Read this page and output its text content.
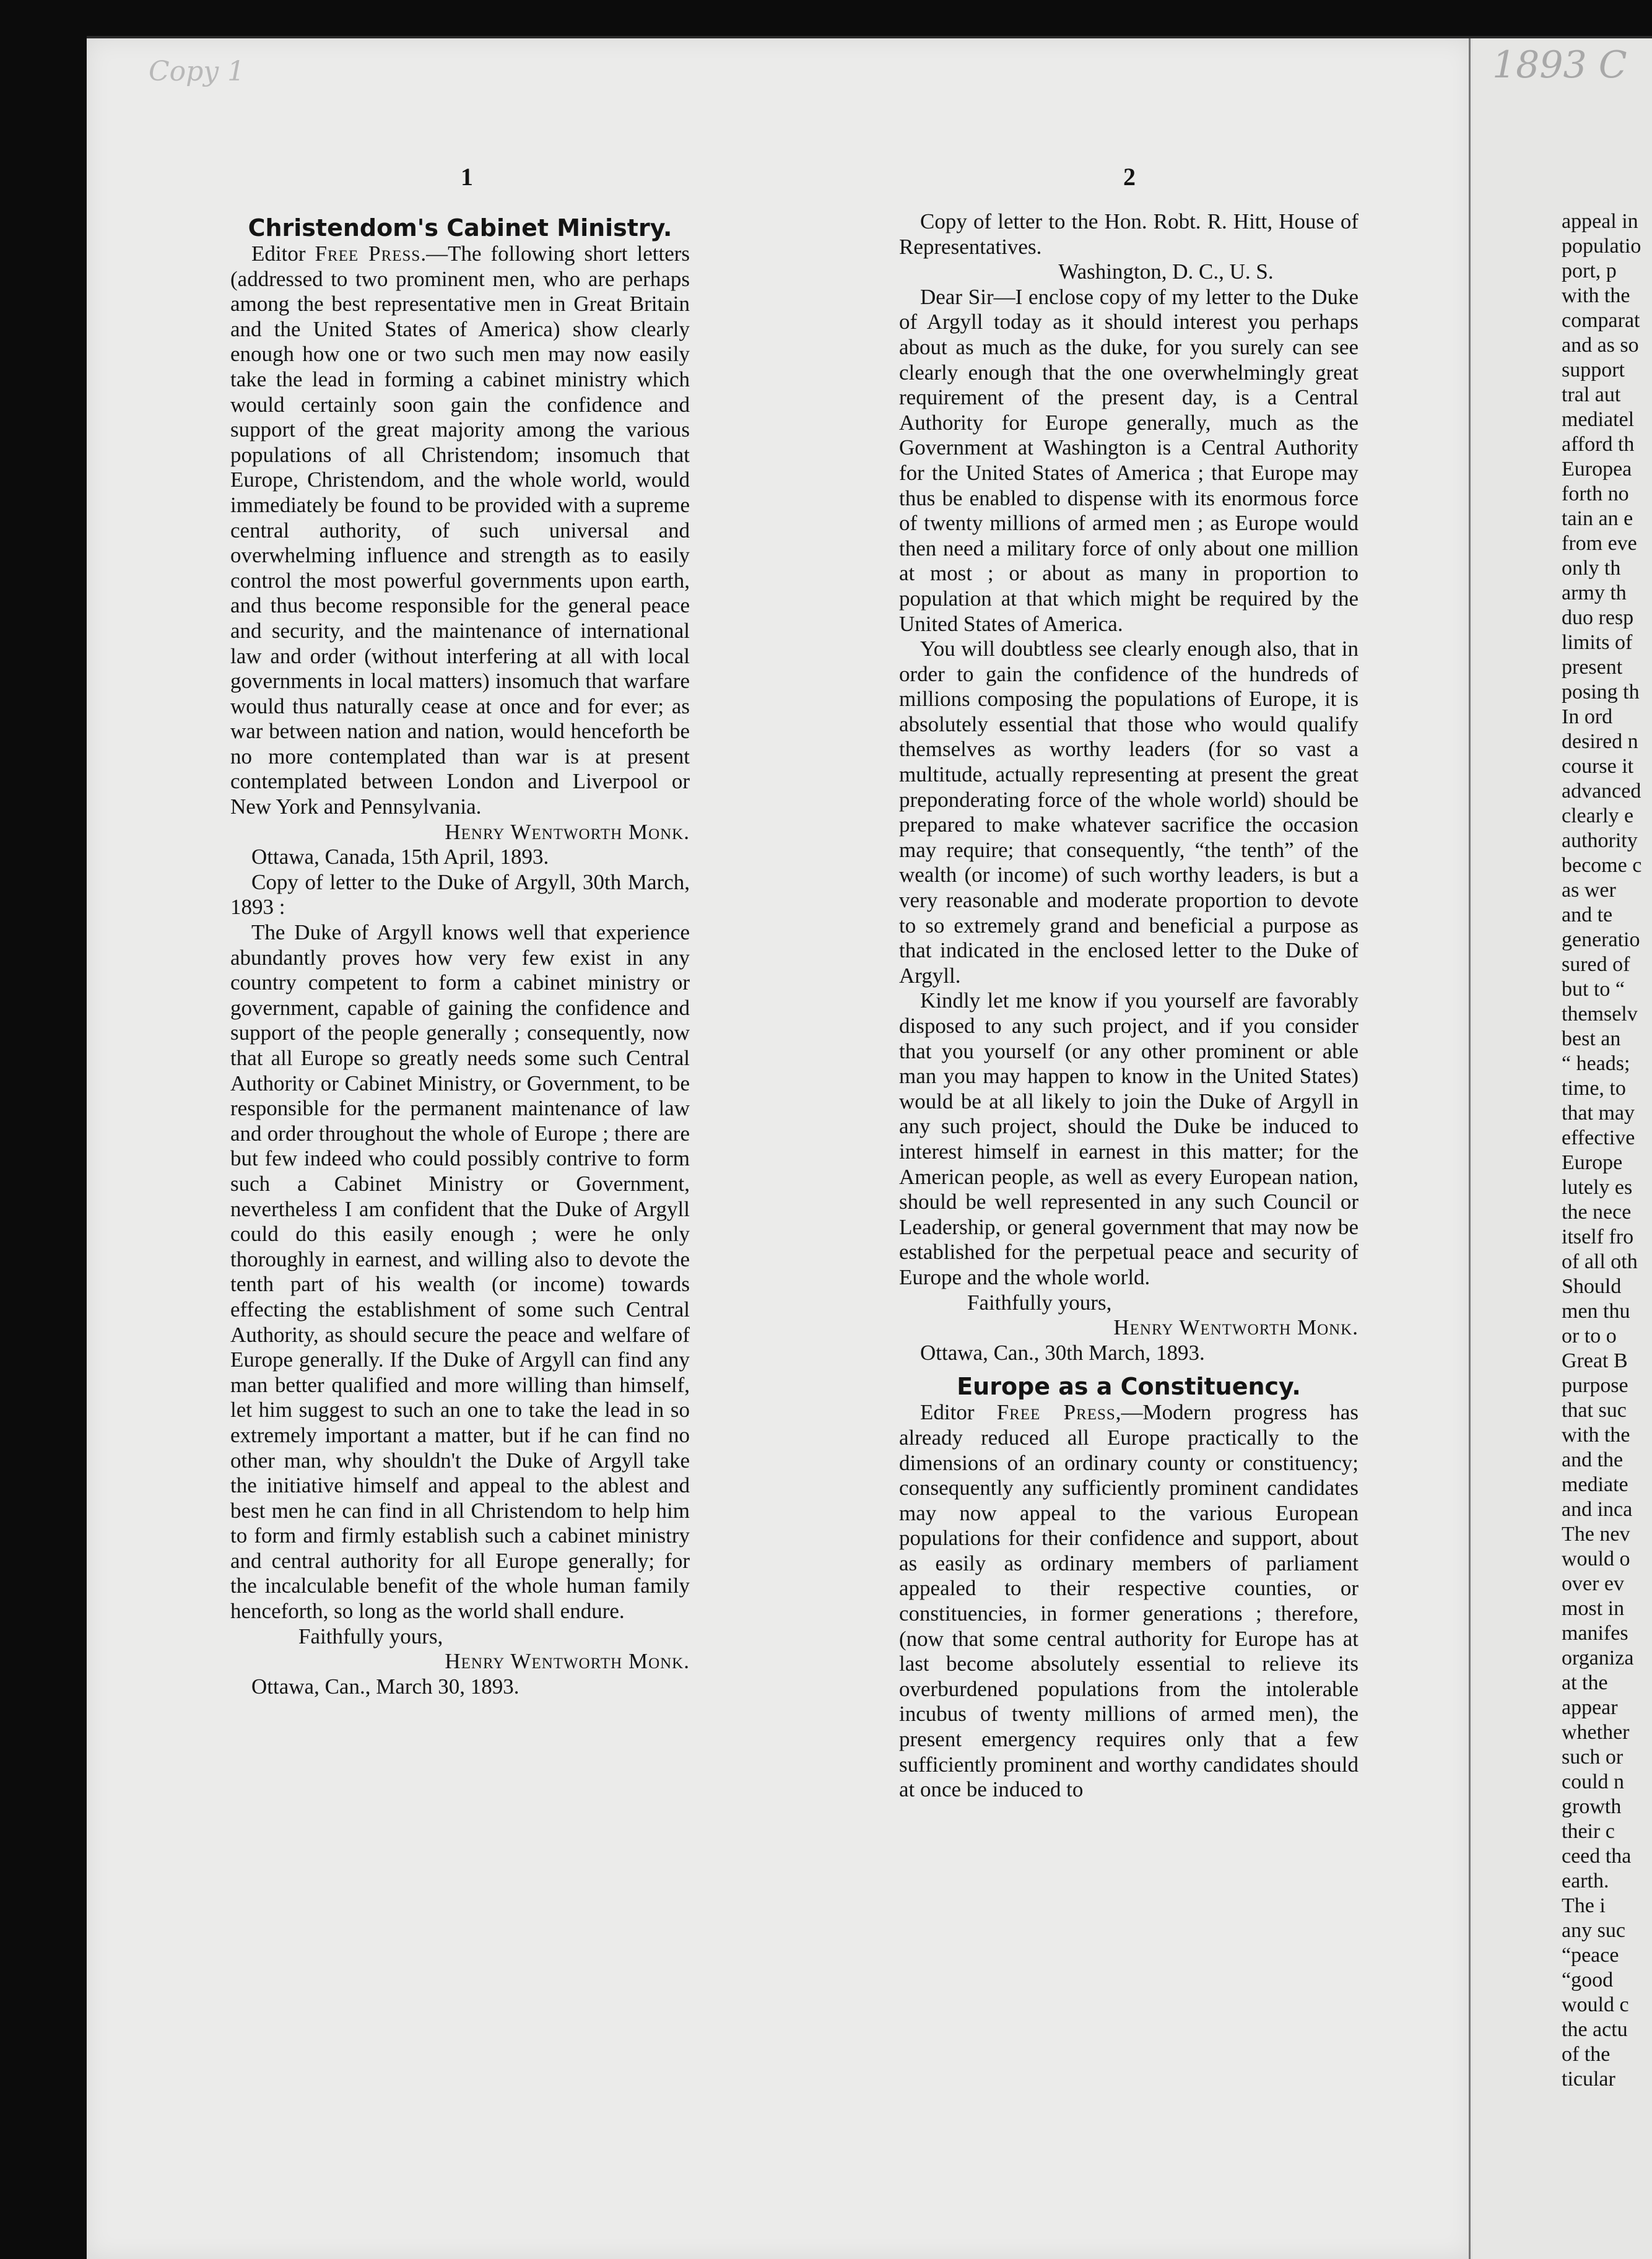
Copy 1	1893 C
1	2
Christendom's Cabinet Ministry.

Editor Free Press.—The following short letters (addressed to two prominent men, who are perhaps among the best representative men in Great Britain and the United States of America) show clearly enough how one or two such men may now easily take the lead in forming a cabinet ministry which would certainly soon gain the confidence and support of the great majority among the various populations of all Christendom; insomuch that Europe, Christendom, and the whole world, would immediately be found to be provided with a supreme central authority, of such universal and overwhelming influence and strength as to easily control the most powerful governments upon earth, and thus become responsible for the general peace and security, and the maintenance of international law and order (without interfering at all with local governments in local matters) insomuch that warfare would thus naturally cease at once and for ever; as war between nation and nation, would henceforth be no more contemplated than war is at present contemplated between London and Liverpool or New York and Pennsylvania.

Henry Wentworth Monk.

Ottawa, Canada, 15th April, 1893.

Copy of letter to the Duke of Argyll, 30th March, 1893 :

The Duke of Argyll knows well that experience abundantly proves how very few exist in any country competent to form a cabinet ministry or government, capable of gaining the confidence and support of the people generally ; consequently, now that all Europe so greatly needs some such Central Authority or Cabinet Ministry, or Government, to be responsible for the permanent maintenance of law and order throughout the whole of Europe ; there are but few indeed who could possibly contrive to form such a Cabinet Ministry or Government, nevertheless I am confident that the Duke of Argyll could do this easily enough ; were he only thoroughly in earnest, and willing also to devote the tenth part of his wealth (or income) towards effecting the establishment of some such Central Authority, as should secure the peace and welfare of Europe generally. If the Duke of Argyll can find any man better qualified and more willing than himself, let him suggest to such an one to take the lead in so extremely important a matter, but if he can find no other man, why shouldn't the Duke of Argyll take the initiative himself and appeal to the ablest and best men he can find in all Christendom to help him to form and firmly establish such a cabinet ministry and central authority for all Europe generally; for the incalculable benefit of the whole human family henceforth, so long as the world shall endure.

Faithfully yours,

Henry Wentworth Monk.

Ottawa, Can., March 30, 1893.

Copy of letter to the Hon. Robt. R. Hitt, House of Representatives.

Washington, D. C., U. S.

Dear Sir—I enclose copy of my letter to the Duke of Argyll today as it should interest you perhaps about as much as the duke, for you surely can see clearly enough that the one overwhelmingly great requirement of the present day, is a Central Authority for Europe generally, much as the Government at Washington is a Central Authority for the United States of America ; that Europe may thus be enabled to dispense with its enormous force of twenty millions of armed men ; as Europe would then need a military force of only about one million at most ; or about as many in proportion to population at that which might be required by the United States of America.

You will doubtless see clearly enough also, that in order to gain the confidence of the hundreds of millions composing the populations of Europe, it is absolutely essential that those who would qualify themselves as worthy leaders (for so vast a multitude, actually representing at present the great preponderating force of the whole world) should be prepared to make whatever sacrifice the occasion may require; that consequently, “the tenth” of the wealth (or income) of such worthy leaders, is but a very reasonable and moderate proportion to devote to so extremely grand and beneficial a purpose as that indicated in the enclosed letter to the Duke of Argyll.

Kindly let me know if you yourself are favorably disposed to any such project, and if you consider that you yourself (or any other prominent or able man you may happen to know in the United States) would be at all likely to join the Duke of Argyll in any such project, should the Duke be induced to interest himself in earnest in this matter; for the American people, as well as every European nation, should be well represented in any such Council or Leadership, or general government that may now be established for the perpetual peace and security of Europe and the whole world.

Faithfully yours,

Henry Wentworth Monk.

Ottawa, Can., 30th March, 1893.

Europe as a Constituency.

Editor Free Press,—Modern progress has already reduced all Europe practically to the dimensions of an ordinary county or constituency; consequently any sufficiently prominent candidates may now appeal to the various European populations for their confidence and support, about as easily as ordinary members of parliament appealed to their respective counties, or constituencies, in former generations ; therefore, (now that some central authority for Europe has at last become absolutely essential to relieve its overburdened populations from the intolerable incubus of twenty millions of armed men), the present emergency requires only that a few sufficiently prominent and worthy candidates should at once be induced to

appeal in
populatio
port, p
with the
comparat
and as so
support
tral aut
mediatel
afford th
Europea
forth no
tain an e
from eve
only th
army th
duo resp
limits of
present
posing th
In ord
desired n
course it
advanced
clearly e
authority
become c
as wer
and te
generatio
sured of
but to “
themselv
best an
“ heads;
time, to
that may
effective
Europe
lutely es
the nece
itself fro
of all oth
Should
men thu
or to o
Great B
purpose
that suc
with the
and the
mediate
and inca
The nev
would o
over ev
most in
manifes
organiza
at the
appear
whether
such or
could n
growth
their c
ceed tha
earth.
The i
any suc
“peace
“good
would c
the actu
of the
ticular
